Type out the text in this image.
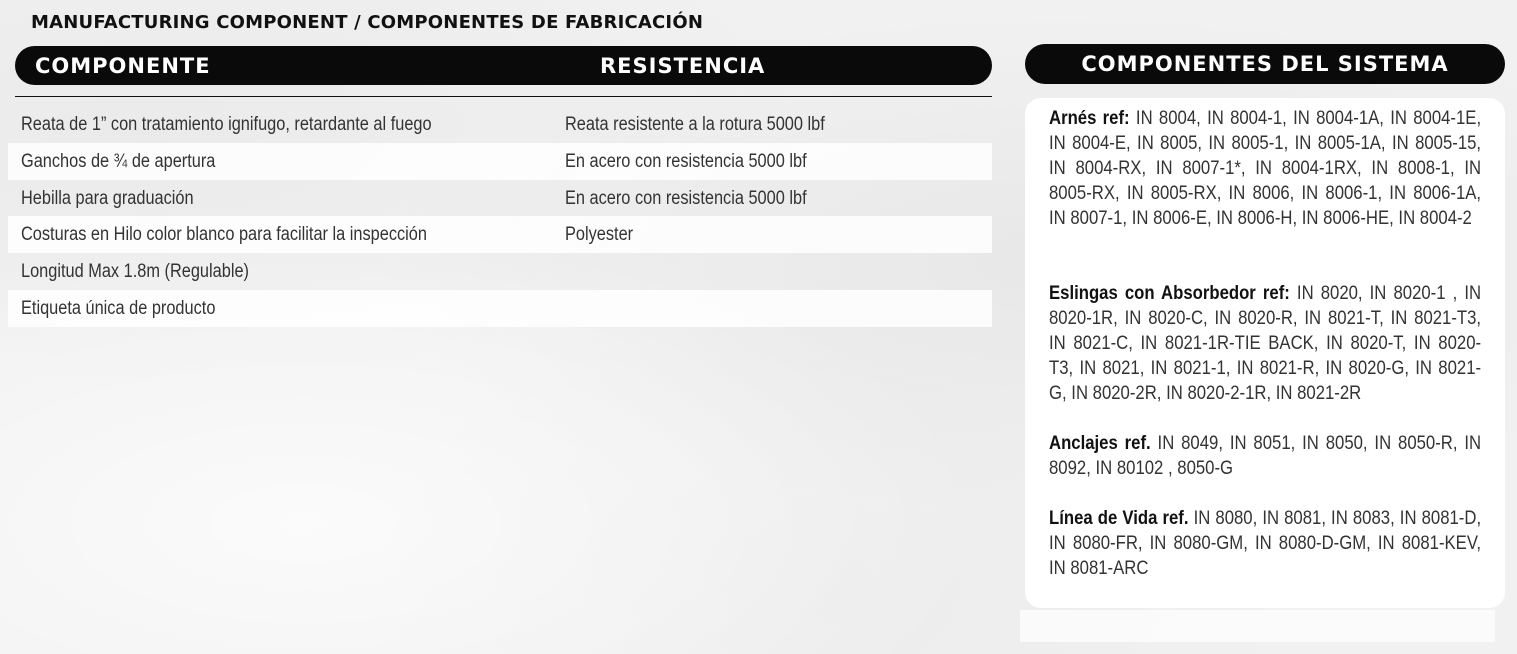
MANUFACTURING COMPONENT / COMPONENTES DE FABRICACIÓN
COMPONENTE	RESISTENCIA
Reata de 1” con tratamiento ignifugo, retardante al fuego	Reata resistente a la rotura 5000 lbf
Ganchos de ¾ de apertura	En acero con resistencia 5000 lbf
Hebilla para graduación	En acero con resistencia 5000 lbf
Costuras en Hilo color blanco para facilitar la inspección	Polyester
Longitud Max 1.8m (Regulable)
Etiqueta única de producto
COMPONENTES DEL SISTEMA
Arnés ref: IN 8004, IN 8004-1, IN 8004-1A, IN 8004-1E, IN 8004-E, IN 8005, IN 8005-1, IN 8005-1A, IN 8005-15, IN 8004-RX, IN 8007-1*, IN 8004-1RX, IN 8008-1, IN 8005-RX, IN 8005-RX, IN 8006, IN 8006-1, IN 8006-1A, IN 8007-1, IN 8006-E, IN 8006-H, IN 8006-HE, IN 8004-2
Eslingas con Absorbedor ref: IN 8020, IN 8020-1 , IN 8020-1R, IN 8020-C, IN 8020-R, IN 8021-T, IN 8021-T3, IN 8021-C, IN 8021-1R-TIE BACK, IN 8020-T, IN 8020-T3, IN 8021, IN 8021-1, IN 8021-R, IN 8020-G, IN 8021-G, IN 8020-2R, IN 8020-2-1R, IN 8021-2R
Anclajes ref. IN 8049, IN 8051, IN 8050, IN 8050-R, IN 8092, IN 80102 , 8050-G
Línea de Vida ref. IN 8080, IN 8081, IN 8083, IN 8081-D, IN 8080-FR, IN 8080-GM, IN 8080-D-GM, IN 8081-KEV, IN 8081-ARC
